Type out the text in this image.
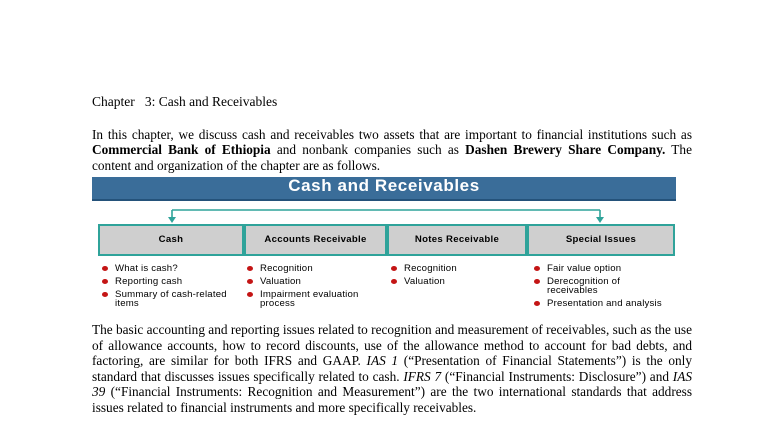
Chapter   3: Cash and Receivables
In this chapter, we discuss cash and receivables two assets that are important to financial institutions such as Commercial Bank of Ethiopia and nonbank companies such as Dashen Brewery Share Company. The content and organization of the chapter are as follows.
Cash and Receivables
Cash	Accounts Receivable	Notes Receivable	Special Issues
What is cash?
Reporting cash
Summary of cash-related items
Recognition
Valuation
Impairment evaluation process
Recognition
Valuation
Fair value option
Derecognition of receivables
Presentation and analysis
The basic accounting and reporting issues related to recognition and measurement of receivables, such as the use of allowance accounts, how to record discounts, use of the allowance method to account for bad debts, and factoring, are similar for both IFRS and GAAP. IAS 1 (“Presentation of Financial Statements”) is the only standard that discusses issues specifically related to cash. IFRS 7 (“Financial Instruments: Disclosure”) and IAS 39 (“Financial Instruments: Recognition and Measurement”) are the two international standards that address issues related to financial instruments and more specifically receivables.
